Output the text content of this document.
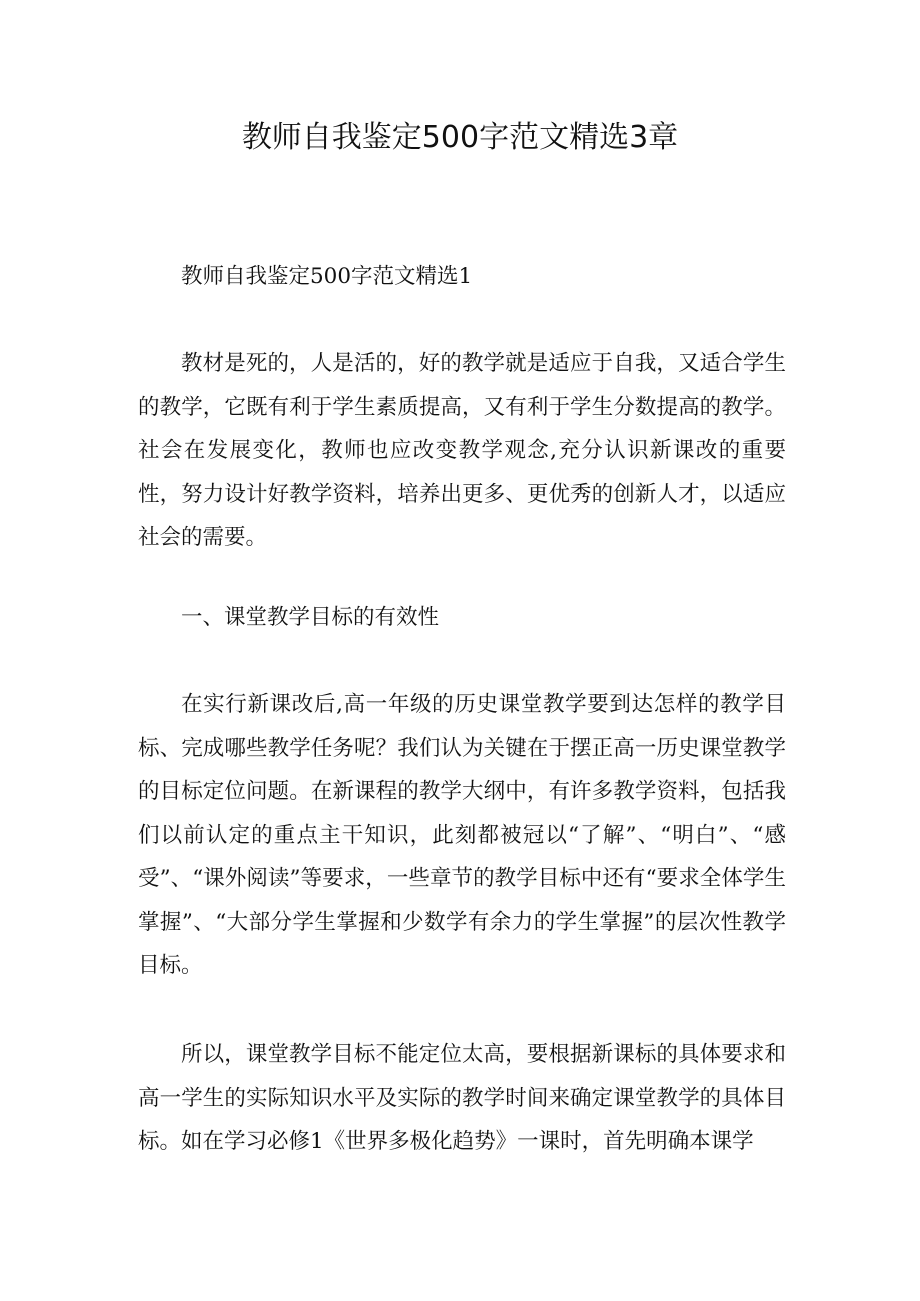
教师自我鉴定500字范文精选3章

教师自我鉴定500字范文精选1

教材是死的，人是活的，好的教学就是适应于自我，又适合学生的教学，它既有利于学生素质提高，又有利于学生分数提高的教学。社会在发展变化，教师也应改变教学观念,充分认识新课改的重要性，努力设计好教学资料，培养出更多、更优秀的创新人才，以适应社会的需要。

一、课堂教学目标的有效性

在实行新课改后,高一年级的历史课堂教学要到达怎样的教学目标、完成哪些教学任务呢？我们认为关键在于摆正高一历史课堂教学的目标定位问题。在新课程的教学大纲中，有许多教学资料，包括我们以前认定的重点主干知识，此刻都被冠以“了解”、“明白”、“感受”、“课外阅读”等要求，一些章节的教学目标中还有“要求全体学生掌握”、“大部分学生掌握和少数学有余力的学生掌握”的层次性教学目标。

所以，课堂教学目标不能定位太高，要根据新课标的具体要求和高一学生的实际知识水平及实际的教学时间来确定课堂教学的具体目标。如在学习必修1《世界多极化趋势》一课时，首先明确本课学
